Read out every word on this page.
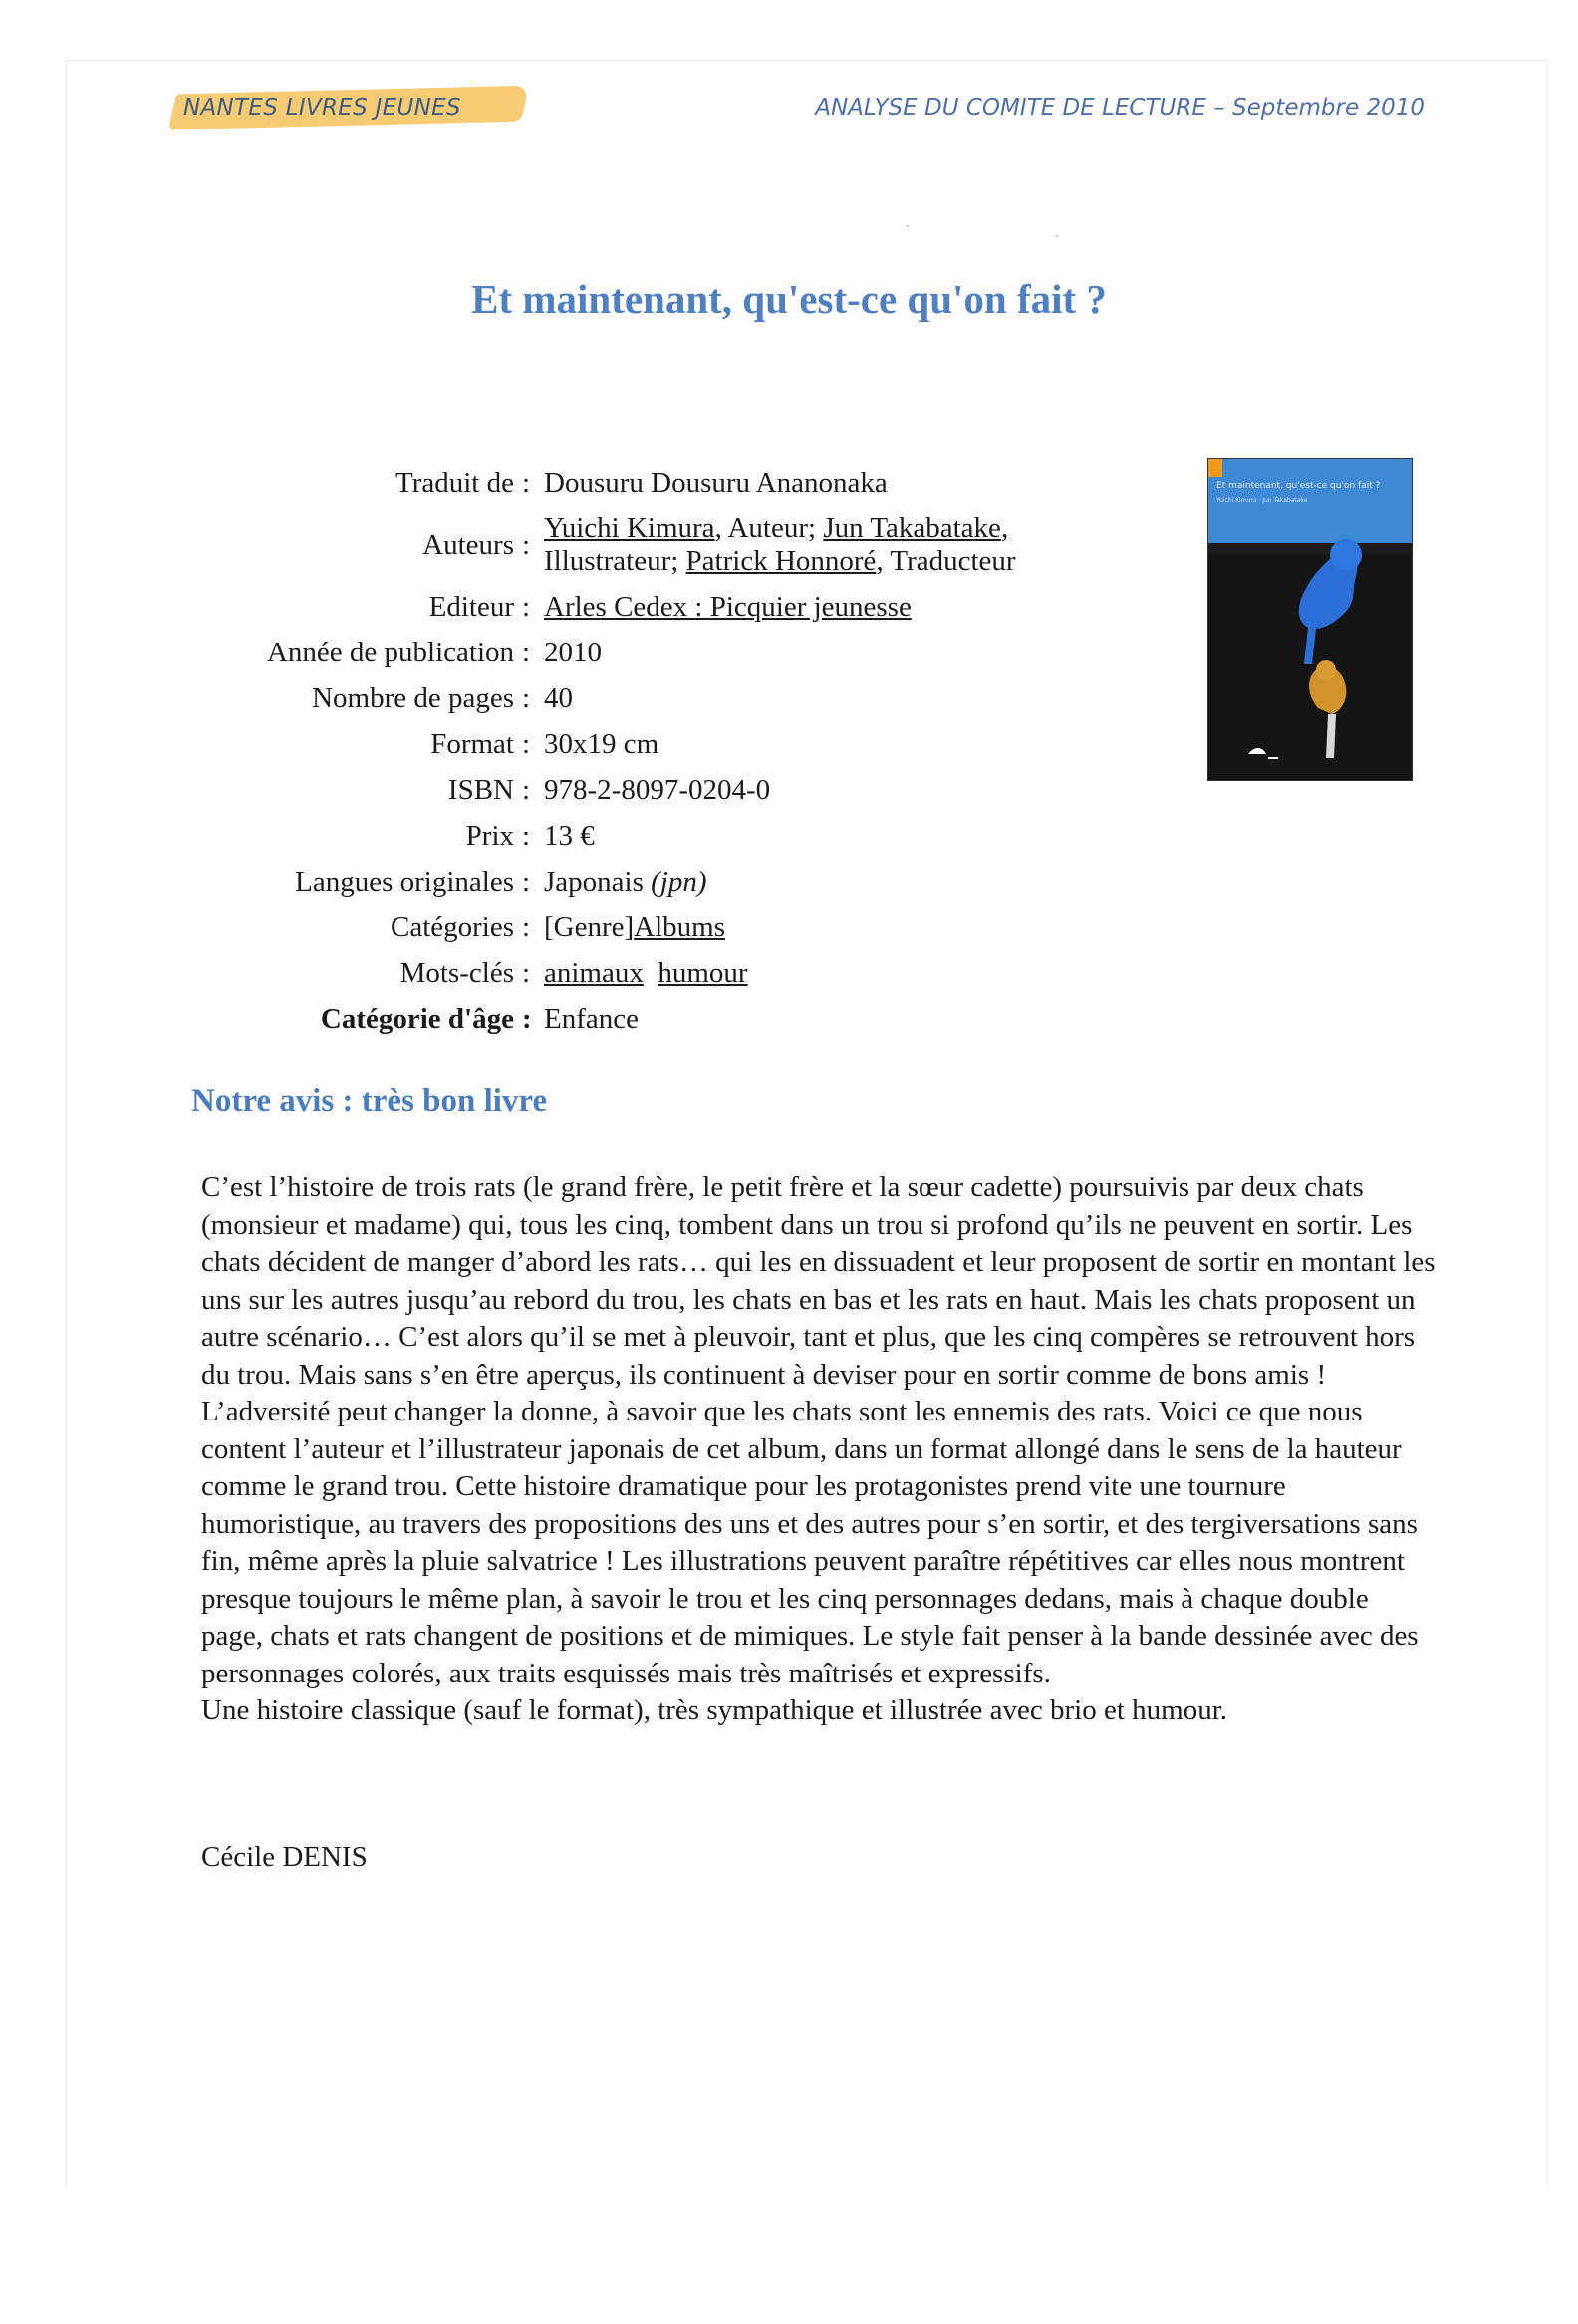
NANTES LIVRES JEUNES	ANALYSE DU COMITE DE LECTURE – Septembre 2010
Et maintenant, qu'est-ce qu'on fait ?
Traduit de : Dousuru Dousuru Ananonaka
Auteurs :
Yuichi Kimura, Auteur; Jun Takabatake,
Illustrateur; Patrick Honnoré, Traducteur
Editeur : Arles Cedex : Picquier jeunesse
Année de publication : 2010
Nombre de pages : 40
Format : 30x19 cm
ISBN : 978-2-8097-0204-0
Prix : 13 €
Langues originales : Japonais (jpn)
Catégories : [Genre]Albums
Mots-clés : animaux humour
Catégorie d'âge : Enfance
Et maintenant, qu'est-ce qu'on fait ?
Yuichi Kimura · Jun Takabatake
Notre avis : très bon livre

C’est l’histoire de trois rats (le grand frère, le petit frère et la sœur cadette) poursuivis par deux chats (monsieur et madame) qui, tous les cinq, tombent dans un trou si profond qu’ils ne peuvent en sortir. Les chats décident de manger d’abord les rats… qui les en dissuadent et leur proposent de sortir en montant les uns sur les autres jusqu’au rebord du trou, les chats en bas et les rats en haut. Mais les chats proposent un autre scénario… C’est alors qu’il se met à pleuvoir, tant et plus, que les cinq compères se retrouvent hors du trou. Mais sans s’en être aperçus, ils continuent à deviser pour en sortir comme de bons amis !

L’adversité peut changer la donne, à savoir que les chats sont les ennemis des rats. Voici ce que nous content l’auteur et l’illustrateur japonais de cet album, dans un format allongé dans le sens de la hauteur comme le grand trou. Cette histoire dramatique pour les protagonistes prend vite une tournure humoristique, au travers des propositions des uns et des autres pour s’en sortir, et des tergiversations sans fin, même après la pluie salvatrice ! Les illustrations peuvent paraître répétitives car elles nous montrent presque toujours le même plan, à savoir le trou et les cinq personnages dedans, mais à chaque double page, chats et rats changent de positions et de mimiques. Le style fait penser à la bande dessinée avec des personnages colorés, aux traits esquissés mais très maîtrisés et expressifs.

Une histoire classique (sauf le format), très sympathique et illustrée avec brio et humour.

Cécile DENIS
